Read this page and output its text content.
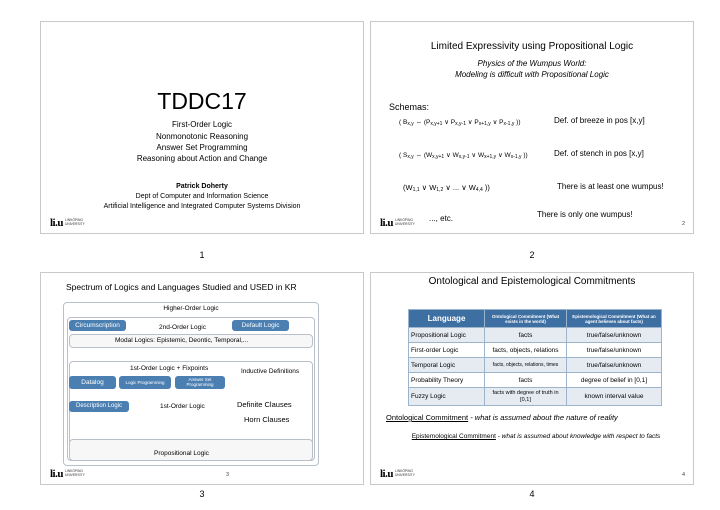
TDDC17
First-Order Logic
Nonmonotonic Reasoning
Answer Set Programming
Reasoning about Action and Change
Patrick Doherty
Dept of Computer and Information Science
Artificial Intelligence and Integrated Computer Systems Division
li.u LINKÖPING
UNIVERSITY
1
Limited Expressivity using Propositional Logic
Physics of the Wumpus World:
Modeling is difficult with Propositional Logic
Schemas:
( $B_{x,y}$ ⇔ ($P_{x,y+1}$ ∨ $P_{x,y-1}$ ∨ $P_{x+1,y}$ ∨ $P_{x-1,y}$ ))	Def. of breeze in pos [x,y]
( $S_{x,y}$ ⇔ ($W_{x,y+1}$ ∨ $W_{x,y-1}$ ∨ $W_{x+1,y}$ ∨ $W_{x-1,y}$ ))	Def. of stench in pos [x,y]
($W_{1,1}$ ∨ $W_{1,2}$ ∨ ... ∨ $W_{4,4}$ ))	There is at least one wumpus!
There is only one wumpus!
..., etc.
li.u LINKÖPING
UNIVERSITY	2
2
Spectrum of Logics and Languages Studied and USED in KR
Higher-Order Logic
Circumscription	2nd-Order Logic	Default Logic
Modal Logics: Epistemic, Deontic, Temporal,...
1st-Order Logic + Fixpoints	Inductive Definitions
Datalog	Logic Programming
Answer Set Programming
Description Logic	1st-Order Logic	Definite Clauses
Horn Clauses
Propositional Logic
li.u LINKÖPING
UNIVERSITY	3
3
Ontological and Epistemological Commitments
Language	Ontological Commitment (What exists in the world)	Epistemological Commitment (What an agent believes about facts)
Propositional Logic	facts	true/false/unknown
First-order Logic	facts, objects, relations	true/false/unknown
Temporal Logic	facts, objects, relations, times	true/false/unknown
Probability Theory	facts	degree of belief in [0,1]
Fuzzy Logic	facts with degree of truth in [0,1]	known interval value
Ontological Commitment - what is assumed about the nature of reality
Epistemological Commitment - what is assumed about knowledge with respect to facts
li.u LINKÖPING
UNIVERSITY	4
4
